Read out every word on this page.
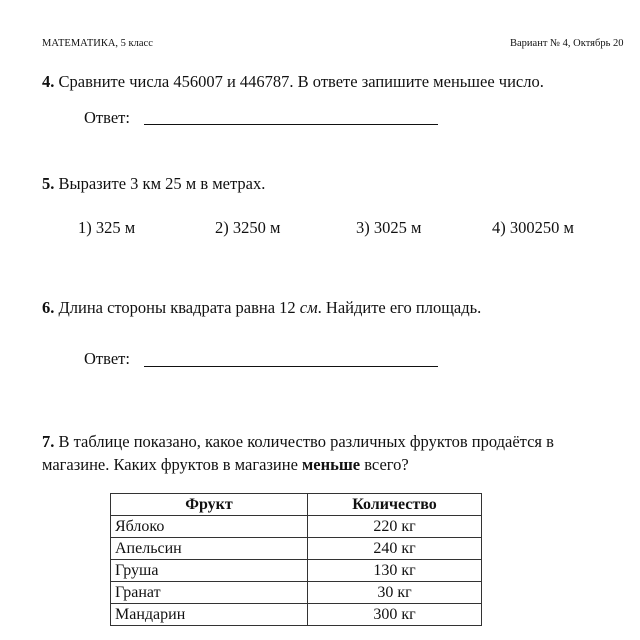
МАТЕМАТИКА, 5 класс	Вариант № 4, Октябрь 20
4. Сравните числа 456007 и 446787. В ответе запишите меньшее число.
Ответ:
5. Выразите 3 км 25 м в метрах.
1) 325 м	2) 3250 м	3) 3025 м	4) 300250 м
6. Длина стороны квадрата равна 12 см. Найдите его площадь.
Ответ:
7. В таблице показано, какое количество различных фруктов продаётся в
магазине. Каких фруктов в магазине меньше всего?
Фрукт	Количество
Яблоко	220 кг
Апельсин	240 кг
Груша	130 кг
Гранат	30 кг
Мандарин	300 кг
